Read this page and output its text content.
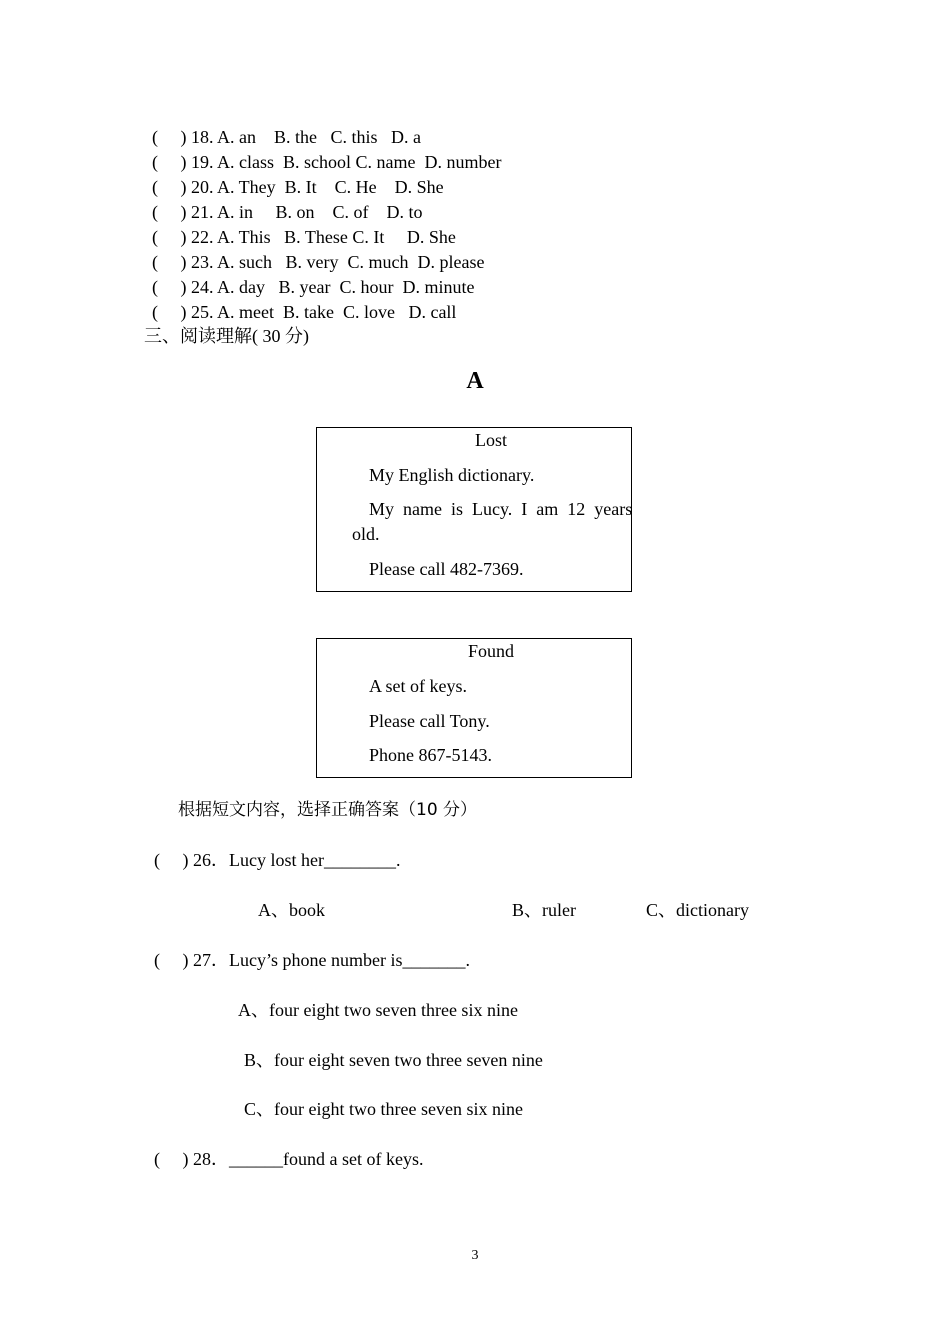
(     ) 18. A. an    B. the   C. this   D. a
(     ) 19. A. class  B. school C. name  D. number
(     ) 20. A. They  B. It    C. He    D. She
(     ) 21. A. in     B. on    C. of    D. to
(     ) 22. A. This   B. These C. It     D. She
(     ) 23. A. such   B. very  C. much  D. please
(     ) 24. A. day   B. year  C. hour  D. minute
(     ) 25. A. meet  B. take  C. love   D. call
三、阅读理解( 30 分)
A
Lost
My English dictionary.
My  name  is  Lucy.  I  am  12  years
old.
Please call 482-7369.
Found
A set of keys.
Please call Tony.
Phone 867-5143.
根据短文内容，选择正确答案（10 分）
(     ) 26．Lucy lost her________.
A、book	B、ruler	C、dictionary
(     ) 27．Lucy’s phone number is_______.
A、four eight two seven three six nine
B、four eight seven two three seven nine
C、four eight two three seven six nine
(     ) 28．______found a set of keys.
3
